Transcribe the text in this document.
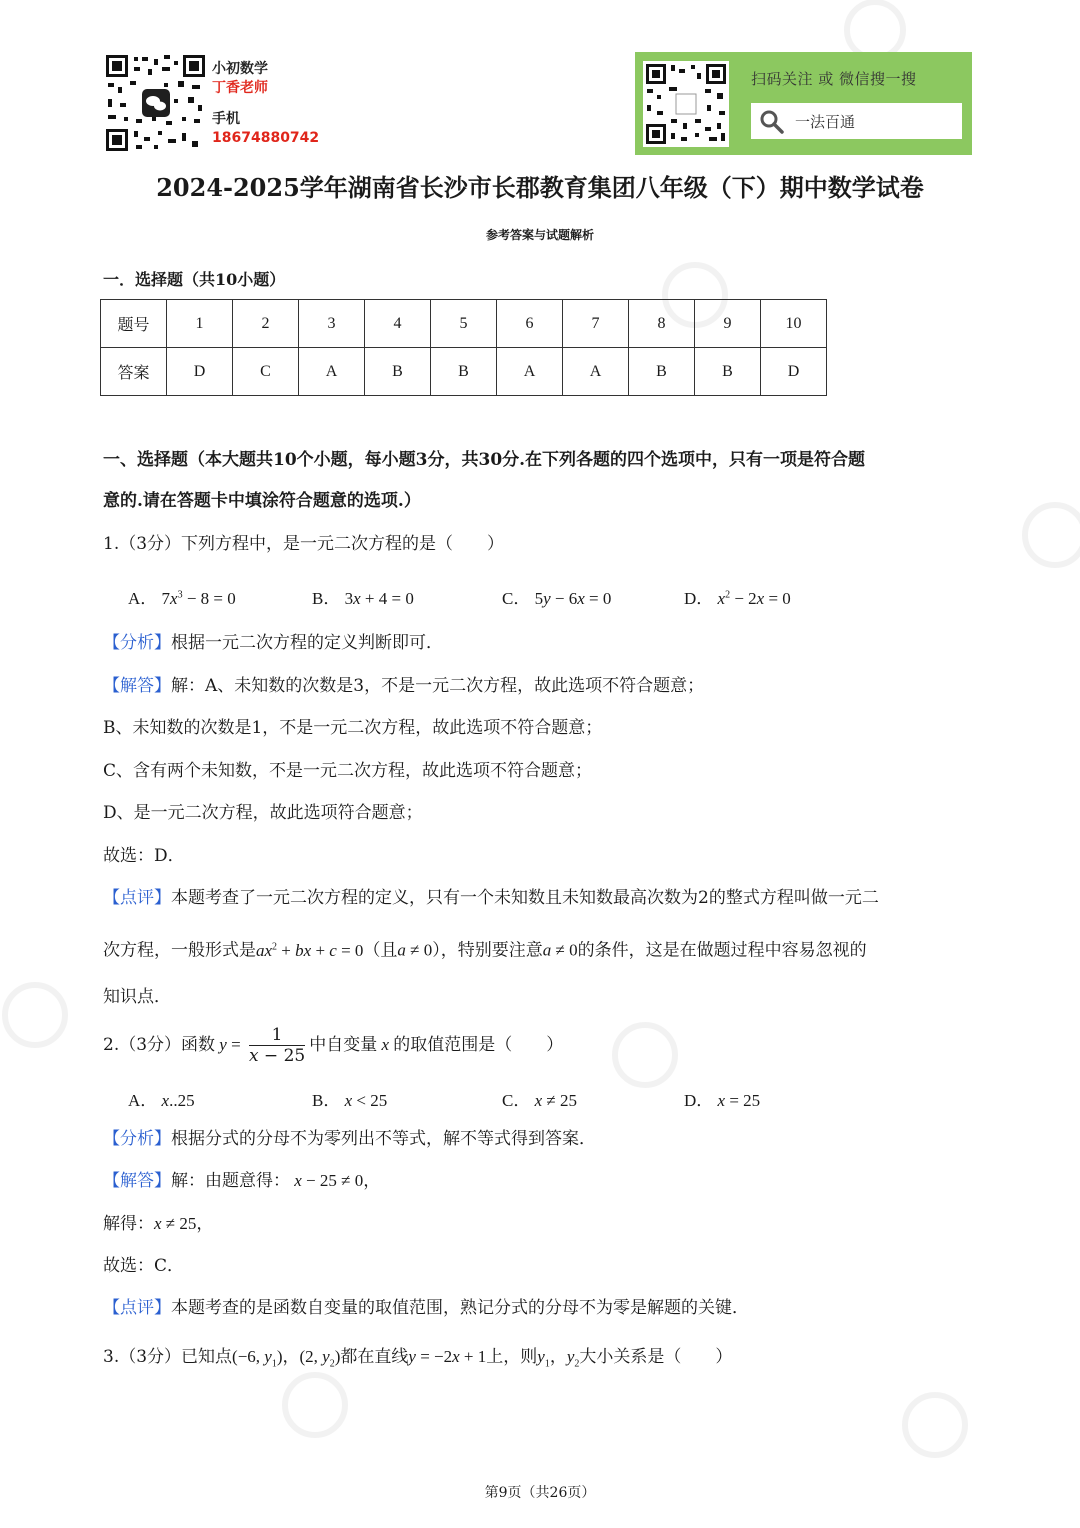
小初数学
丁香老师
手机
18674880742
扫码关注 或 微信搜一搜
一法百通
2024-2025学年湖南省长沙市长郡教育集团八年级（下）期中数学试卷
参考答案与试题解析
一．选择题（共10小题）
题号	1	2	3	4	5	6	7	8	9	10
答案	D	C	A	B	B	A	A	B	B	D
一、选择题（本大题共10个小题，每小题3分，共30分.在下列各题的四个选项中，只有一项是符合题
意的.请在答题卡中填涂符合题意的选项.）
1.（3分）下列方程中，是一元二次方程的是（　　）
A． $7x^3 - 8 = 0$	B． 3x + 4 = 0	C． 5y − 6x = 0	D． $x^2 - 2x = 0$
【分析】根据一元二次方程的定义判断即可．
【解答】解：A、未知数的次数是3，不是一元二次方程，故此选项不符合题意；
B、未知数的次数是1，不是一元二次方程，故此选项不符合题意；
C、含有两个未知数，不是一元二次方程，故此选项不符合题意；
D、是一元二次方程，故此选项符合题意；
故选：D．
【点评】本题考查了一元二次方程的定义，只有一个未知数且未知数最高次数为2的整式方程叫做一元二
次方程，一般形式是$ax^2$ + bx + c = 0（且a ≠ 0），特别要注意a ≠ 0的条件，这是在做题过程中容易忽视的
知识点．
2.（3分）函数 $y = \frac{1}{x - 25}$ 中自变量 x 的取值范围是（　　）
A． x..25	B． x < 25	C． x ≠ 25	D． x = 25
【分析】根据分式的分母不为零列出不等式，解不等式得到答案．
【解答】解：由题意得： x − 25 ≠ 0，
解得：x ≠ 25，
故选：C．
【点评】本题考查的是函数自变量的取值范围，熟记分式的分母不为零是解题的关键．
3.（3分）已知点(−6, $y_1$)，(2, $y_2$)都在直线y = −2x + 1上，则$y_1$，$y_2$大小关系是（　　）
第9页（共26页）
